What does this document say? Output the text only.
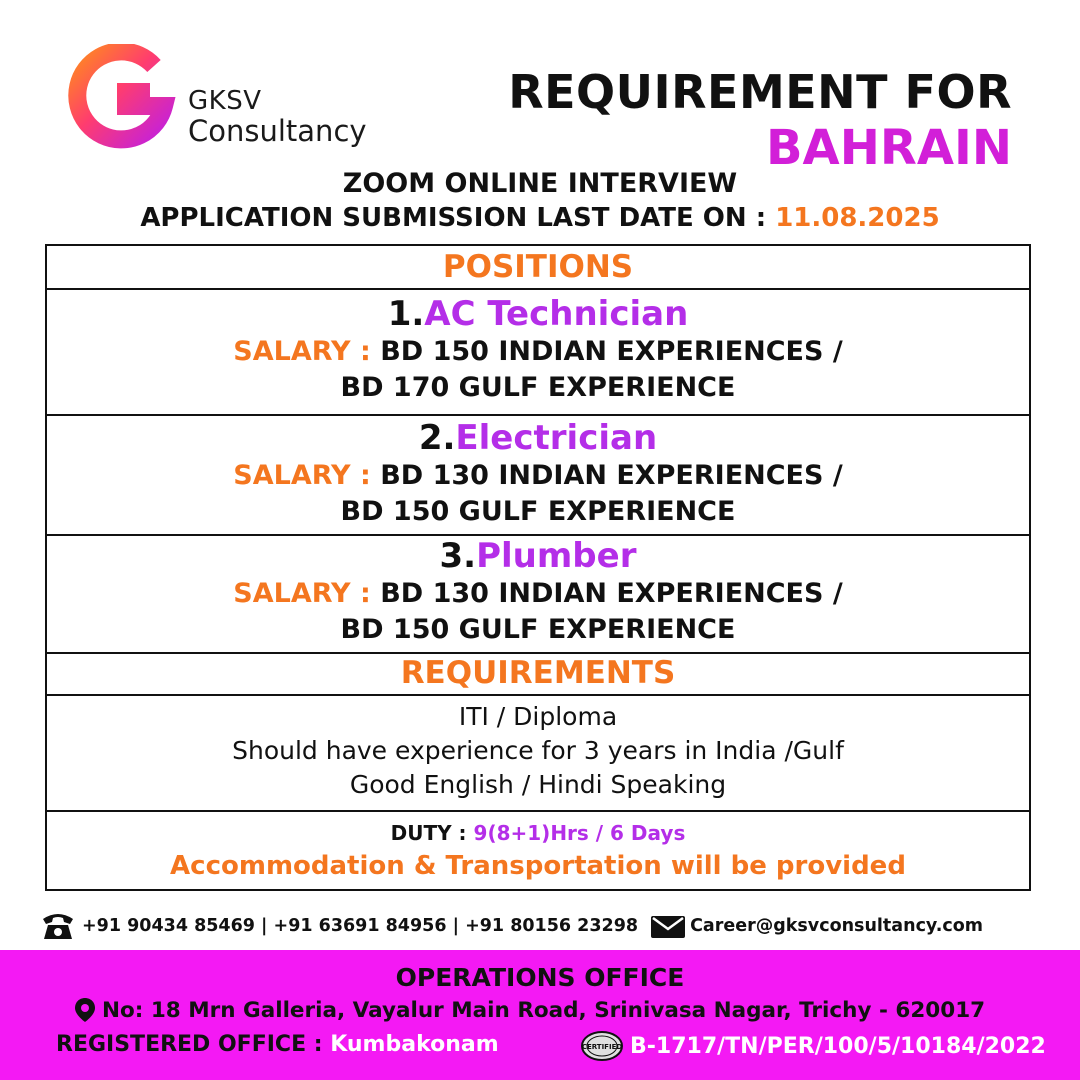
GKSV
Consultancy
REQUIREMENT FOR
BAHRAIN
ZOOM ONLINE INTERVIEW
APPLICATION SUBMISSION LAST DATE ON : 11.08.2025
POSITIONS
1.AC Technician
SALARY : BD 150 INDIAN EXPERIENCES /
BD 170 GULF EXPERIENCE
2.Electrician
SALARY : BD 130 INDIAN EXPERIENCES /
BD 150 GULF EXPERIENCE
3.Plumber
SALARY : BD 130 INDIAN EXPERIENCES /
BD 150 GULF EXPERIENCE
REQUIREMENTS
ITI / Diploma
Should have experience for 3 years in India /Gulf
Good English / Hindi Speaking
DUTY : 9(8+1)Hrs / 6 Days
Accommodation & Transportation will be provided
+91 90434 85469 | +91 63691 84956 | +91 80156 23298	Career@gksvconsultancy.com
OPERATIONS OFFICE
No: 18 Mrn Galleria, Vayalur Main Road, Srinivasa Nagar, Trichy - 620017
REGISTERED OFFICE : Kumbakonam	CERTIFIED B-1717/TN/PER/100/5/10184/2022
